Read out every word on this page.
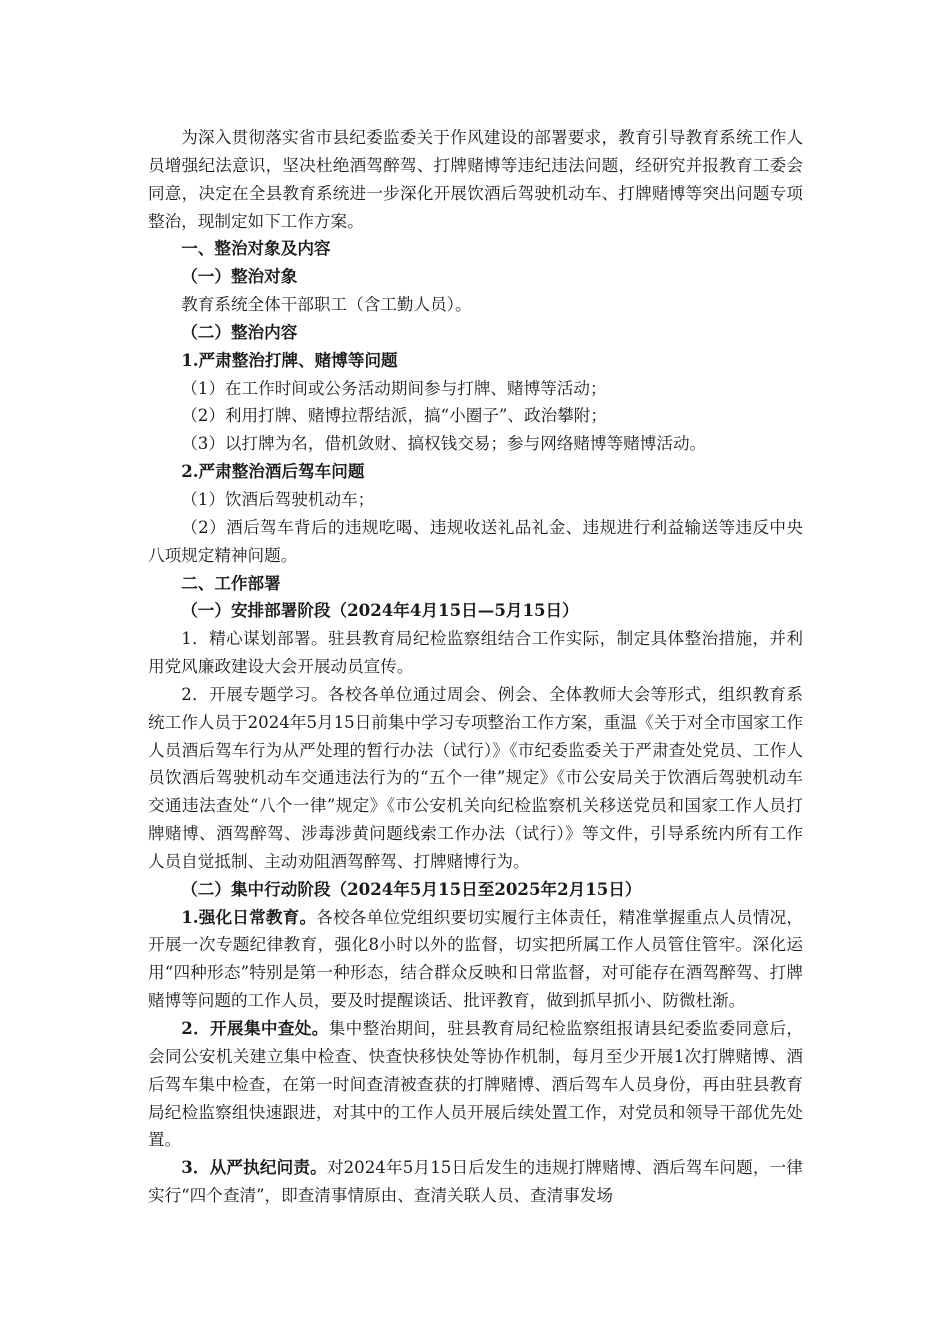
为深入贯彻落实省市县纪委监委关于作风建设的部署要求，教育引导教育系统工作人员增强纪法意识，坚决杜绝酒驾醉驾、打牌赌博等违纪违法问题，经研究并报教育工委会同意，决定在全县教育系统进一步深化开展饮酒后驾驶机动车、打牌赌博等突出问题专项整治，现制定如下工作方案。

一、整治对象及内容

（一）整治对象

教育系统全体干部职工（含工勤人员）。

（二）整治内容

1.严肃整治打牌、赌博等问题

（1）在工作时间或公务活动期间参与打牌、赌博等活动；

（2）利用打牌、赌博拉帮结派，搞“小圈子”、政治攀附；

（3）以打牌为名，借机敛财、搞权钱交易；参与网络赌博等赌博活动。

2.严肃整治酒后驾车问题

（1）饮酒后驾驶机动车；

（2）酒后驾车背后的违规吃喝、违规收送礼品礼金、违规进行利益输送等违反中央八项规定精神问题。

二、工作部署

（一）安排部署阶段（2024年4月15日—5月15日）

1．精心谋划部署。驻县教育局纪检监察组结合工作实际，制定具体整治措施，并利用党风廉政建设大会开展动员宣传。

2．开展专题学习。各校各单位通过周会、例会、全体教师大会等形式，组织教育系统工作人员于2024年5月15日前集中学习专项整治工作方案，重温《关于对全市国家工作人员酒后驾车行为从严处理的暂行办法（试行）》《市纪委监委关于严肃查处党员、工作人员饮酒后驾驶机动车交通违法行为的“五个一律”规定》《市公安局关于饮酒后驾驶机动车交通违法查处“八个一律”规定》《市公安机关向纪检监察机关移送党员和国家工作人员打牌赌博、酒驾醉驾、涉毒涉黄问题线索工作办法（试行）》等文件，引导系统内所有工作人员自觉抵制、主动劝阻酒驾醉驾、打牌赌博行为。

（二）集中行动阶段（2024年5月15日至2025年2月15日）

1.强化日常教育。各校各单位党组织要切实履行主体责任，精准掌握重点人员情况，开展一次专题纪律教育，强化8小时以外的监督，切实把所属工作人员管住管牢。深化运用“四种形态”特别是第一种形态，结合群众反映和日常监督，对可能存在酒驾醉驾、打牌赌博等问题的工作人员，要及时提醒谈话、批评教育，做到抓早抓小、防微杜渐。

2．开展集中查处。集中整治期间，驻县教育局纪检监察组报请县纪委监委同意后，会同公安机关建立集中检查、快查快移快处等协作机制，每月至少开展1次打牌赌博、酒后驾车集中检查，在第一时间查清被查获的打牌赌博、酒后驾车人员身份，再由驻县教育局纪检监察组快速跟进，对其中的工作人员开展后续处置工作，对党员和领导干部优先处置。

3．从严执纪问责。对2024年5月15日后发生的违规打牌赌博、酒后驾车问题，一律实行“四个查清”，即查清事情原由、查清关联人员、查清事发场
